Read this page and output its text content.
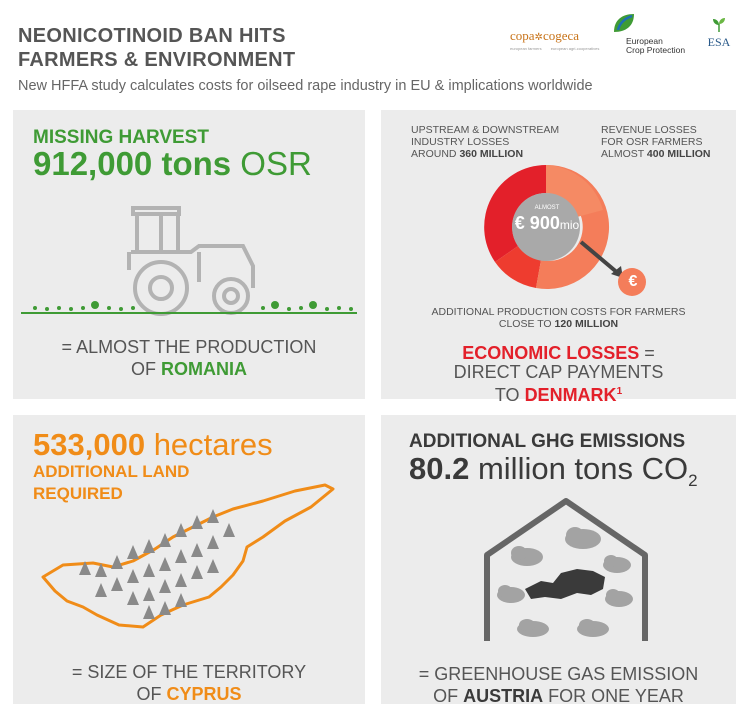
NEONICOTINOID BAN HITS
FARMERS & ENVIRONMENT
New HFFA study calculates costs for oilseed rape industry in EU & implications worldwide
copa✲cogeca
european farmers european agri-cooperatives
European
Crop Protection
ESA
MISSING HARVEST
912,000 tons OSR
= ALMOST THE PRODUCTION
OF ROMANIA
UPSTREAM & DOWNSTREAM
INDUSTRY LOSSES
AROUND 360 MILLION
REVENUE LOSSES
FOR OSR FARMERS
ALMOST 400 MILLION
ALMOST
€ 900mio
€
ADDITIONAL PRODUCTION COSTS FOR FARMERS
CLOSE TO 120 MILLION
ECONOMIC LOSSES =
DIRECT CAP PAYMENTS
TO DENMARK$^1$
533,000 hectares
ADDITIONAL LAND
REQUIRED
= SIZE OF THE TERRITORY
OF CYPRUS
ADDITIONAL GHG EMISSIONS
80.2 million tons $CO_2$
= GREENHOUSE GAS EMISSION
OF AUSTRIA FOR ONE YEAR
